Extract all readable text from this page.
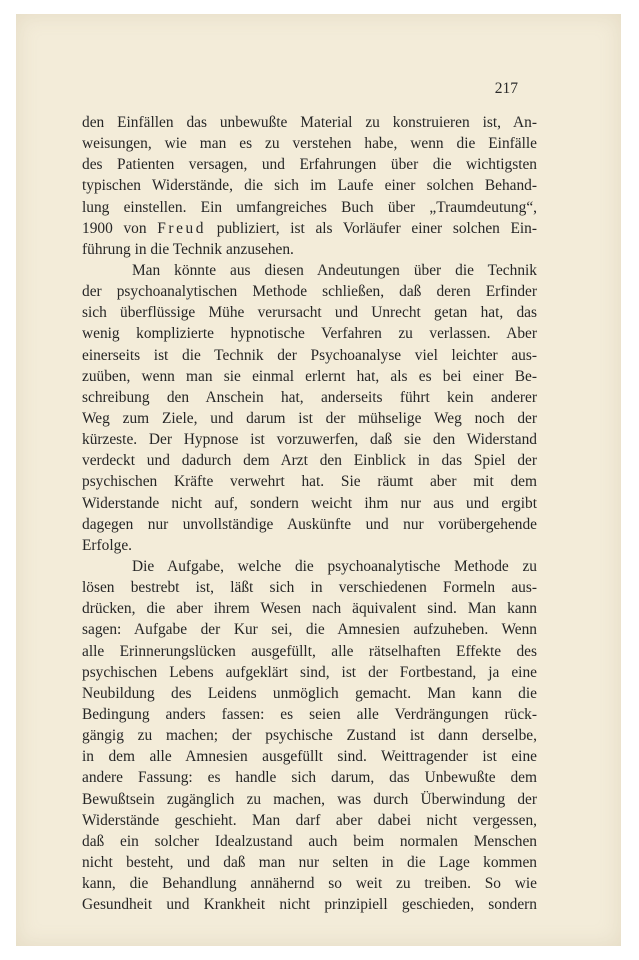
217

den Einfällen das unbewußte Material zu konstruieren ist, An-
weisungen, wie man es zu verstehen habe, wenn die Einfälle
des Patienten versagen, und Erfahrungen über die wichtigsten
typischen Widerstände, die sich im Laufe einer solchen Behand-
lung einstellen. Ein umfangreiches Buch über „Traumdeutung“,
1900 von Freud publiziert, ist als Vorläufer einer solchen Ein-
führung in die Technik anzusehen.
Man könnte aus diesen Andeutungen über die Technik
der psychoanalytischen Methode schließen, daß deren Erfinder
sich überflüssige Mühe verursacht und Unrecht getan hat, das
wenig komplizierte hypnotische Verfahren zu verlassen. Aber
einerseits ist die Technik der Psychoanalyse viel leichter aus-
zuüben, wenn man sie einmal erlernt hat, als es bei einer Be-
schreibung den Anschein hat, anderseits führt kein anderer
Weg zum Ziele, und darum ist der mühselige Weg noch der
kürzeste. Der Hypnose ist vorzuwerfen, daß sie den Widerstand
verdeckt und dadurch dem Arzt den Einblick in das Spiel der
psychischen Kräfte verwehrt hat. Sie räumt aber mit dem
Widerstande nicht auf, sondern weicht ihm nur aus und ergibt
dagegen nur unvollständige Auskünfte und nur vorübergehende
Erfolge.
Die Aufgabe, welche die psychoanalytische Methode zu
lösen bestrebt ist, läßt sich in verschiedenen Formeln aus-
drücken, die aber ihrem Wesen nach äquivalent sind. Man kann
sagen: Aufgabe der Kur sei, die Amnesien aufzuheben. Wenn
alle Erinnerungslücken ausgefüllt, alle rätselhaften Effekte des
psychischen Lebens aufgeklärt sind, ist der Fortbestand, ja eine
Neubildung des Leidens unmöglich gemacht. Man kann die
Bedingung anders fassen: es seien alle Verdrängungen rück-
gängig zu machen; der psychische Zustand ist dann derselbe,
in dem alle Amnesien ausgefüllt sind. Weittragender ist eine
andere Fassung: es handle sich darum, das Unbewußte dem
Bewußtsein zugänglich zu machen, was durch Überwindung der
Widerstände geschieht. Man darf aber dabei nicht vergessen,
daß ein solcher Idealzustand auch beim normalen Menschen
nicht besteht, und daß man nur selten in die Lage kommen
kann, die Behandlung annähernd so weit zu treiben. So wie
Gesundheit und Krankheit nicht prinzipiell geschieden, sondern
